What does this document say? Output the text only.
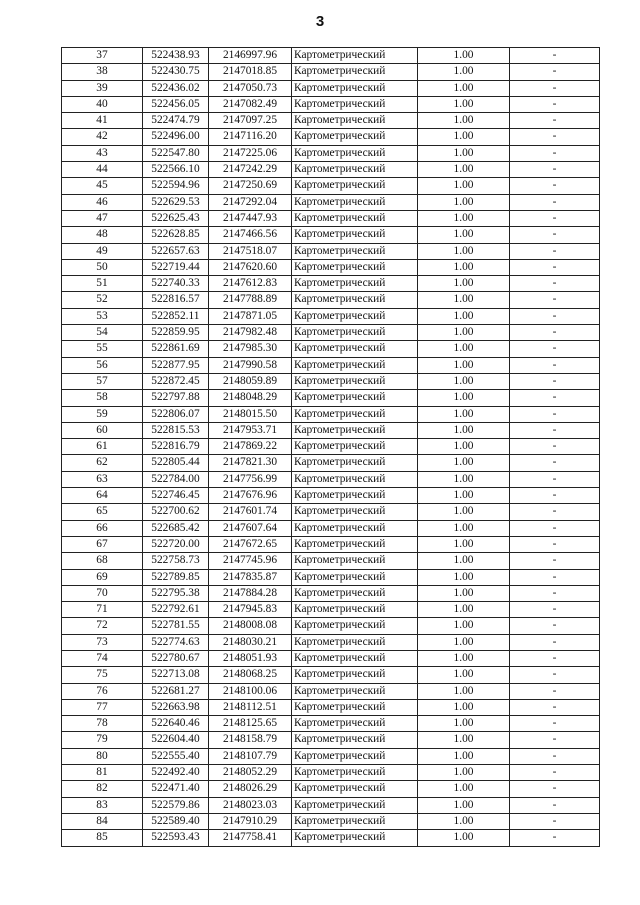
3
37	522438.93	2146997.96	Картометрический	1.00	-
38	522430.75	2147018.85	Картометрический	1.00	-
39	522436.02	2147050.73	Картометрический	1.00	-
40	522456.05	2147082.49	Картометрический	1.00	-
41	522474.79	2147097.25	Картометрический	1.00	-
42	522496.00	2147116.20	Картометрический	1.00	-
43	522547.80	2147225.06	Картометрический	1.00	-
44	522566.10	2147242.29	Картометрический	1.00	-
45	522594.96	2147250.69	Картометрический	1.00	-
46	522629.53	2147292.04	Картометрический	1.00	-
47	522625.43	2147447.93	Картометрический	1.00	-
48	522628.85	2147466.56	Картометрический	1.00	-
49	522657.63	2147518.07	Картометрический	1.00	-
50	522719.44	2147620.60	Картометрический	1.00	-
51	522740.33	2147612.83	Картометрический	1.00	-
52	522816.57	2147788.89	Картометрический	1.00	-
53	522852.11	2147871.05	Картометрический	1.00	-
54	522859.95	2147982.48	Картометрический	1.00	-
55	522861.69	2147985.30	Картометрический	1.00	-
56	522877.95	2147990.58	Картометрический	1.00	-
57	522872.45	2148059.89	Картометрический	1.00	-
58	522797.88	2148048.29	Картометрический	1.00	-
59	522806.07	2148015.50	Картометрический	1.00	-
60	522815.53	2147953.71	Картометрический	1.00	-
61	522816.79	2147869.22	Картометрический	1.00	-
62	522805.44	2147821.30	Картометрический	1.00	-
63	522784.00	2147756.99	Картометрический	1.00	-
64	522746.45	2147676.96	Картометрический	1.00	-
65	522700.62	2147601.74	Картометрический	1.00	-
66	522685.42	2147607.64	Картометрический	1.00	-
67	522720.00	2147672.65	Картометрический	1.00	-
68	522758.73	2147745.96	Картометрический	1.00	-
69	522789.85	2147835.87	Картометрический	1.00	-
70	522795.38	2147884.28	Картометрический	1.00	-
71	522792.61	2147945.83	Картометрический	1.00	-
72	522781.55	2148008.08	Картометрический	1.00	-
73	522774.63	2148030.21	Картометрический	1.00	-
74	522780.67	2148051.93	Картометрический	1.00	-
75	522713.08	2148068.25	Картометрический	1.00	-
76	522681.27	2148100.06	Картометрический	1.00	-
77	522663.98	2148112.51	Картометрический	1.00	-
78	522640.46	2148125.65	Картометрический	1.00	-
79	522604.40	2148158.79	Картометрический	1.00	-
80	522555.40	2148107.79	Картометрический	1.00	-
81	522492.40	2148052.29	Картометрический	1.00	-
82	522471.40	2148026.29	Картометрический	1.00	-
83	522579.86	2148023.03	Картометрический	1.00	-
84	522589.40	2147910.29	Картометрический	1.00	-
85	522593.43	2147758.41	Картометрический	1.00	-
